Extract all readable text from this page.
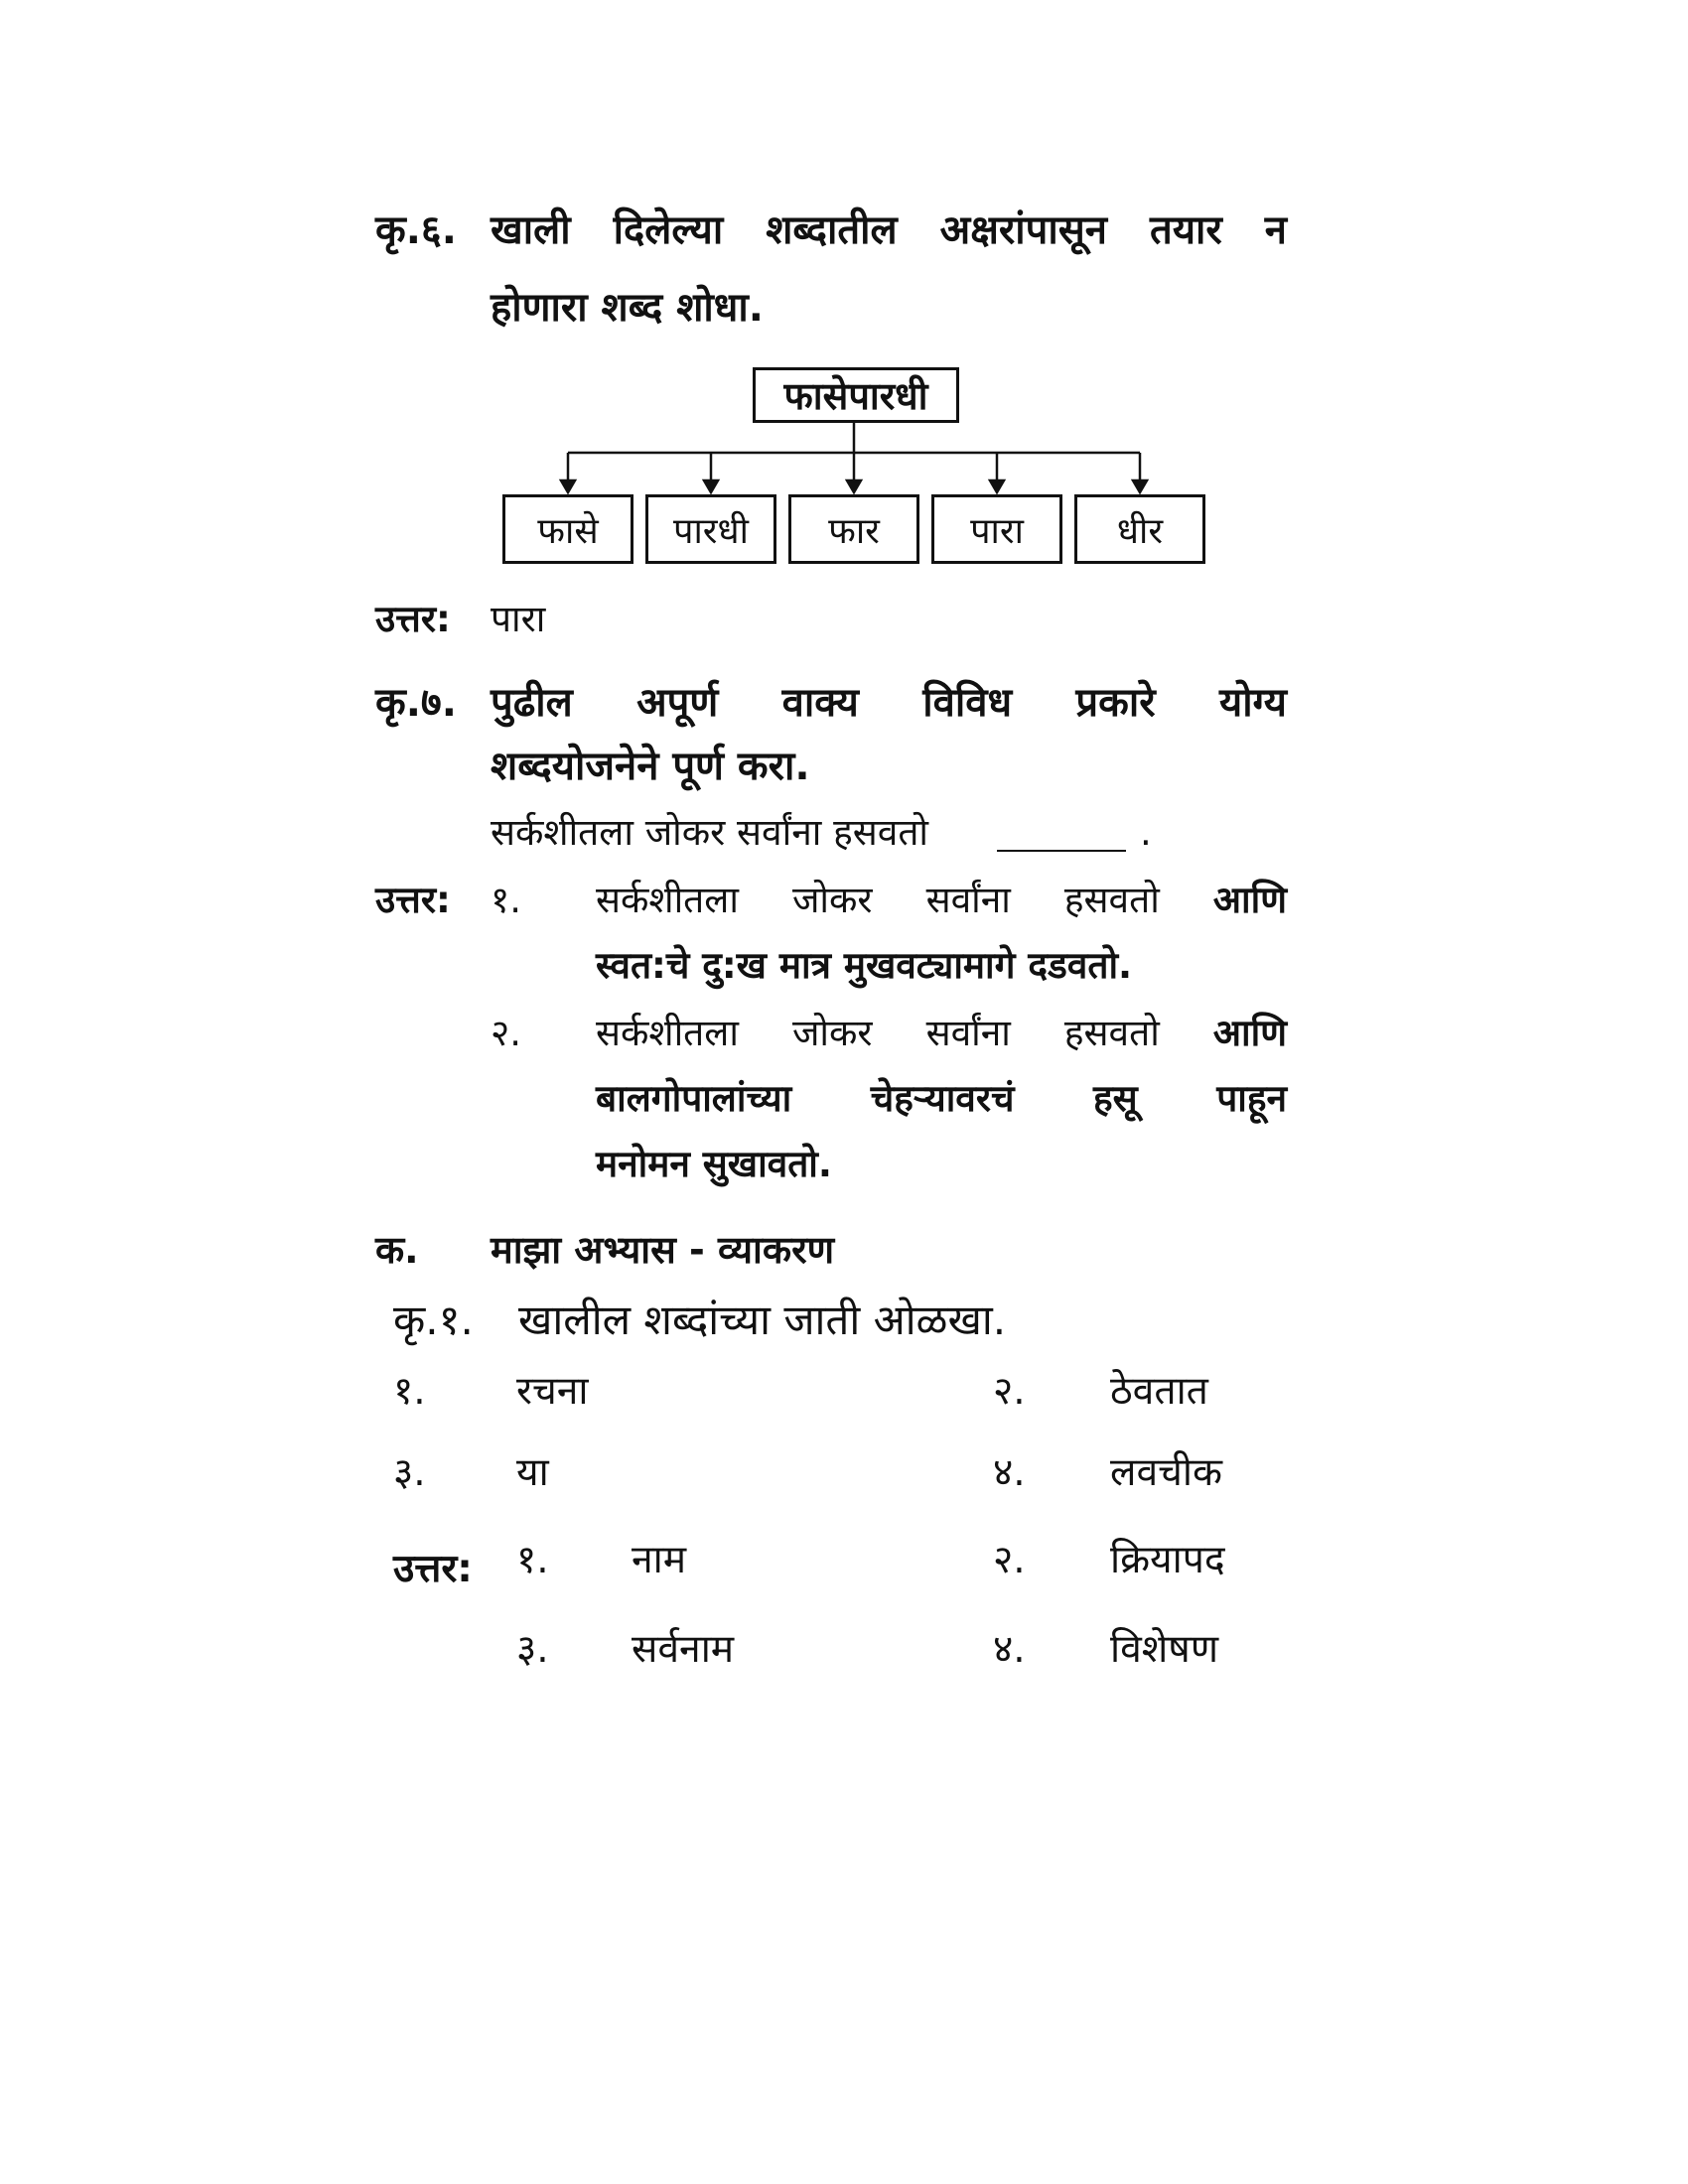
कृ.६. खाली दिलेल्या शब्दातील अक्षरांपासून तयार न
होणारा शब्द शोधा.
फासेपारधी
फासे	पारधी	फार	पारा	धीर
उत्तर: पारा
कृ.७. पुढील अपूर्ण वाक्य विविध प्रकारे योग्य
शब्दयोजनेने पूर्ण करा.
सर्कशीतला जोकर सर्वांना हसवतो	.
उत्तर: १. सर्कशीतला जोकर सर्वांना हसवतो आणि
स्वत:चे दु:ख मात्र मुखवट्यामागे दडवतो.
२. सर्कशीतला जोकर सर्वांना हसवतो आणि
बालगोपालांच्या चेहऱ्यावरचं हसू पाहून
मनोमन सुखावतो.
क. माझा अभ्यास - व्याकरण
कृ.१. खालील शब्दांच्या जाती ओळखा.
१. रचना	२. ठेवतात
३. या	४. लवचीक
उत्तर: १. नाम	२. क्रियापद
३. सर्वनाम	४. विशेषण
